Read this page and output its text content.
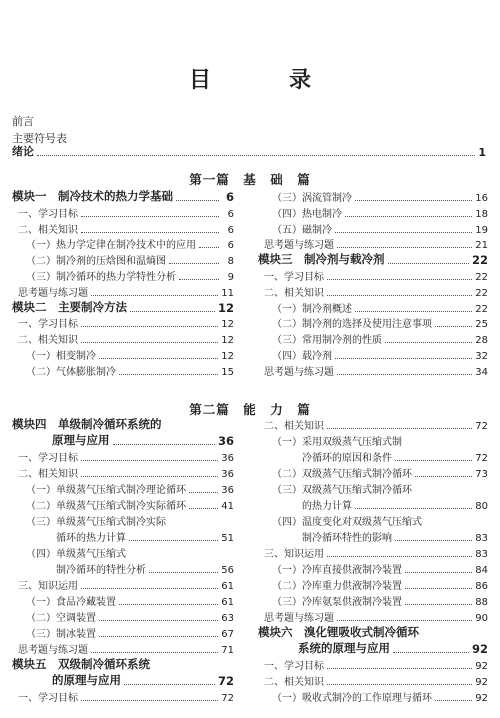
目　录
前言
主要符号表
绪论	1
第一篇　基　础　篇
模块一　制冷技术的热力学基础	6
一、学习目标	6
二、相关知识	6
（一）热力学定律在制冷技术中的应用	6
（二）制冷剂的压焓图和温熵图	8
（三）制冷循环的热力学特性分析	9
思考题与练习题	11
模块二　主要制冷方法	12
一、学习目标	12
二、相关知识	12
（一）相变制冷	12
（二）气体膨胀制冷	15
（三）涡流管制冷	16
（四）热电制冷	18
（五）磁制冷	19
思考题与练习题	21
模块三　制冷剂与载冷剂	22
一、学习目标	22
二、相关知识	22
（一）制冷剂概述	22
（二）制冷剂的选择及使用注意事项	25
（三）常用制冷剂的性质	28
（四）载冷剂	32
思考题与练习题	34
第二篇　能　力　篇
模块四　单级制冷循环系统的
原理与应用	36
一、学习目标	36
二、相关知识	36
（一）单级蒸气压缩式制冷理论循环	36
（二）单级蒸气压缩式制冷实际循环	41
（三）单级蒸气压缩式制冷实际
循环的热力计算	51
（四）单级蒸气压缩式
制冷循环的特性分析	56
三、知识运用	61
（一）食品冷藏装置	61
（二）空调装置	63
（三）制冰装置	67
思考题与练习题	71
模块五　双级制冷循环系统
的原理与应用	72
一、学习目标	72
二、相关知识	72
（一）采用双级蒸气压缩式制
冷循环的原因和条件	72
（二）双级蒸气压缩式制冷循环	73
（三）双级蒸气压缩式制冷循环
的热力计算	80
（四）温度变化对双级蒸气压缩式
制冷循环特性的影响	83
三、知识运用	83
（一）冷库直接供液制冷装置	84
（二）冷库重力供液制冷装置	86
（三）冷库氨泵供液制冷装置	88
思考题与练习题	90
模块六　溴化锂吸收式制冷循环
系统的原理与应用	92
一、学习目标	92
二、相关知识	92
（一）吸收式制冷的工作原理与循环	92
